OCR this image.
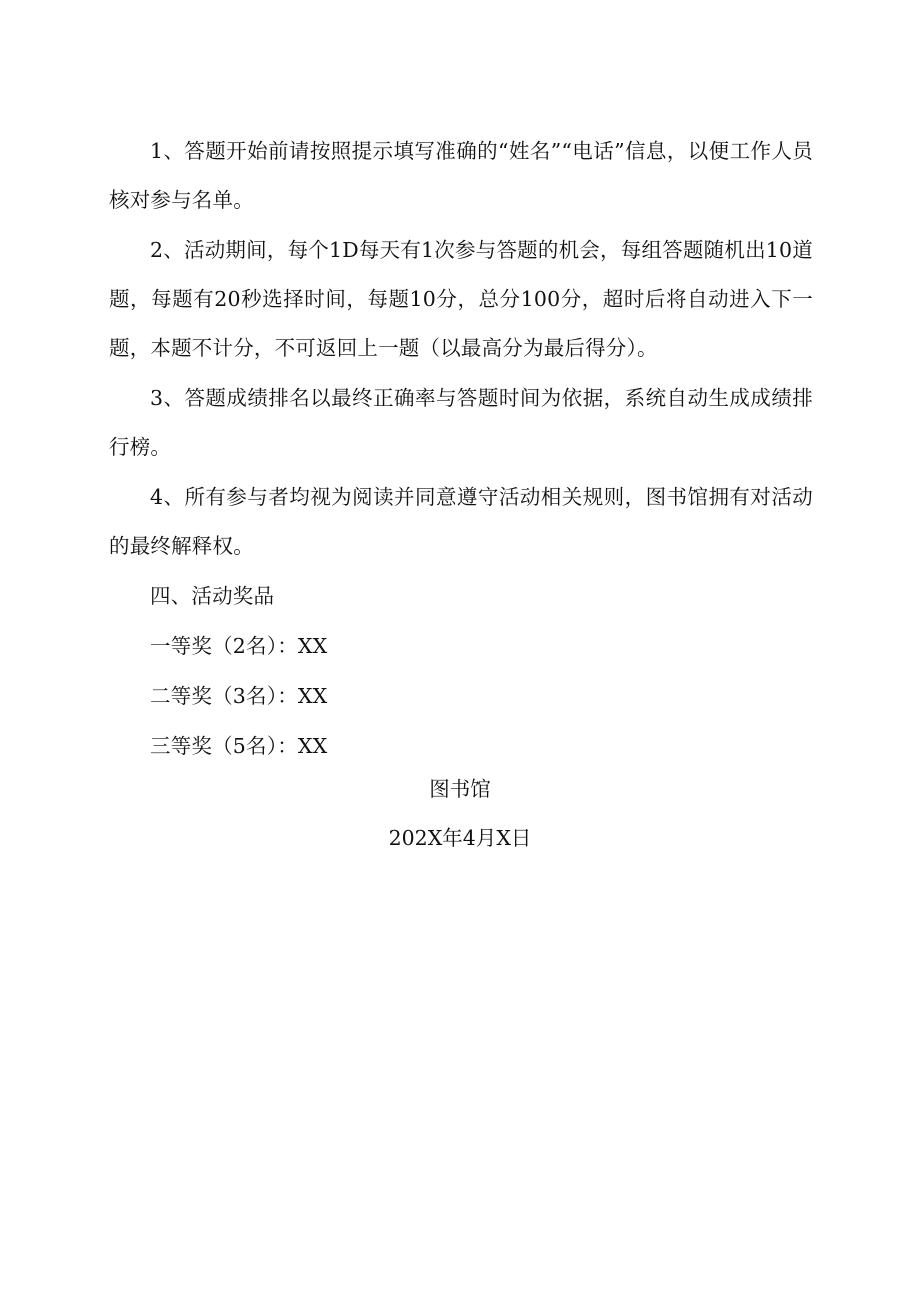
1、答题开始前请按照提示填写准确的“姓名”“电话”信息，以便工作人员核对参与名单。

2、活动期间，每个1D每天有1次参与答题的机会，每组答题随机出10道题，每题有20秒选择时间，每题10分，总分100分，超时后将自动进入下一题，本题不计分，不可返回上一题（以最高分为最后得分）。

3、答题成绩排名以最终正确率与答题时间为依据，系统自动生成成绩排行榜。

4、所有参与者均视为阅读并同意遵守活动相关规则，图书馆拥有对活动的最终解释权。

四、活动奖品

一等奖（2名）：XX

二等奖（3名）：XX

三等奖（5名）：XX

图书馆
202X年4月X日
